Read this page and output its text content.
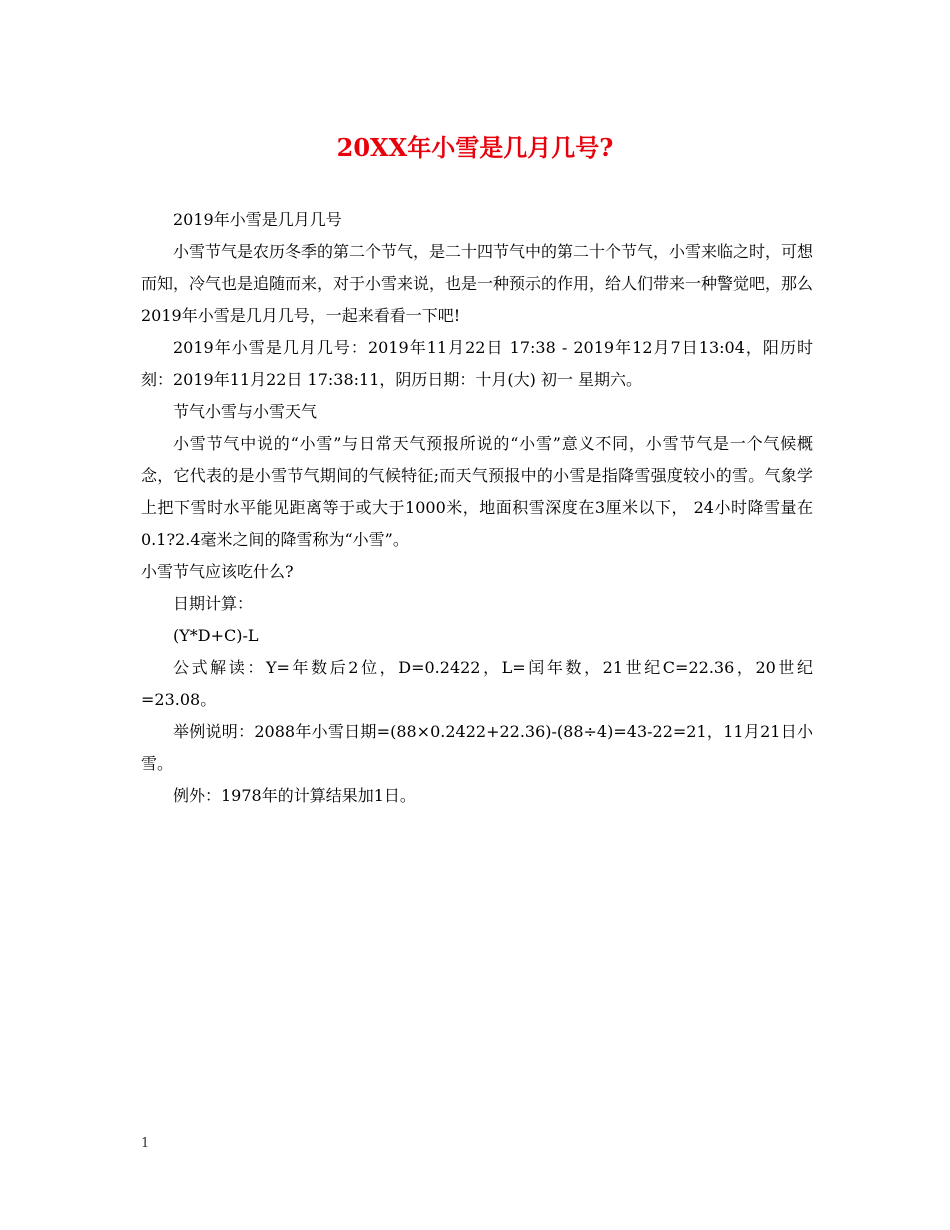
20XX年小雪是几月几号?

2019年小雪是几月几号

小雪节气是农历冬季的第二个节气，是二十四节气中的第二十个节气，小雪来临之时，可想而知，冷气也是追随而来，对于小雪来说，也是一种预示的作用，给人们带来一种警觉吧，那么2019年小雪是几月几号，一起来看看一下吧!

2019年小雪是几月几号：2019年11月22日 17:38 - 2019年12月7日13:04，阳历时刻：2019年11月22日 17:38:11，阴历日期：十月(大) 初一 星期六。

节气小雪与小雪天气

小雪节气中说的“小雪”与日常天气预报所说的“小雪”意义不同，小雪节气是一个气候概念，它代表的是小雪节气期间的气候特征;而天气预报中的小雪是指降雪强度较小的雪。气象学上把下雪时水平能见距离等于或大于1000米，地面积雪深度在3厘米以下， 24小时降雪量在0.1?2.4毫米之间的降雪称为“小雪”。

小雪节气应该吃什么?

日期计算：

(Y*D+C)-L

公式解读：Y=年数后2位，D=0.2422，L=闰年数，21世纪C=22.36，20世纪=23.08。

举例说明：2088年小雪日期=(88×0.2422+22.36)-(88÷4)=43-22=21，11月21日小雪。

例外：1978年的计算结果加1日。

1
